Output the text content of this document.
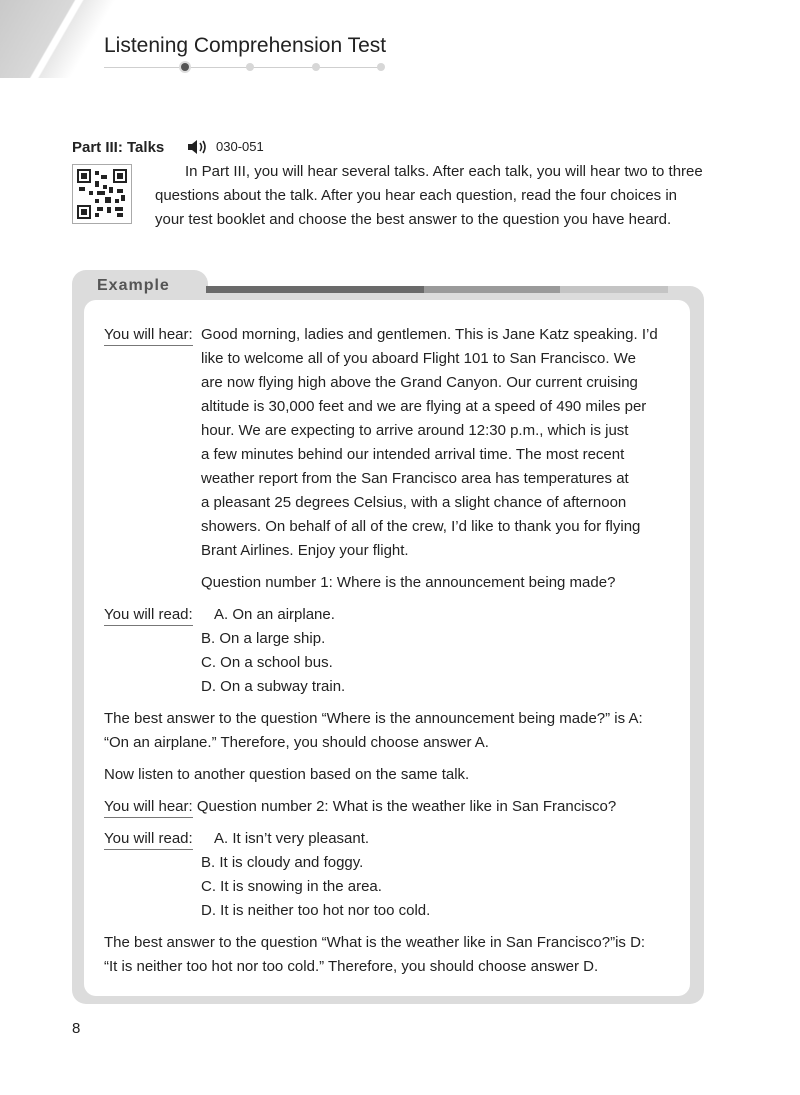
Listening Comprehension Test
Part III: Talks	030-051
In Part III, you will hear several talks. After each talk, you will hear two to three
questions about the talk. After you hear each question, read the four choices in
your test booklet and choose the best answer to the question you have heard.
Example
You will hear: Good morning, ladies and gentlemen. This is Jane Katz speaking. I’d
like to welcome all of you aboard Flight 101 to San Francisco. We
are now flying high above the Grand Canyon. Our current cruising
altitude is 30,000 feet and we are flying at a speed of 490 miles per
hour. We are expecting to arrive around 12:30 p.m., which is just
a few minutes behind our intended arrival time. The most recent
weather report from the San Francisco area has temperatures at
a pleasant 25 degrees Celsius, with a slight chance of afternoon
showers. On behalf of all of the crew, I’d like to thank you for flying
Brant Airlines. Enjoy your flight.
Question number 1: Where is the announcement being made?
You will read: A. On an airplane.
B. On a large ship.
C. On a school bus.
D. On a subway train.
The best answer to the question “Where is the announcement being made?” is A:
“On an airplane.” Therefore, you should choose answer A.
Now listen to another question based on the same talk.
You will hear: Question number 2: What is the weather like in San Francisco?
You will read: A. It isn’t very pleasant.
B. It is cloudy and foggy.
C. It is snowing in the area.
D. It is neither too hot nor too cold.
The best answer to the question “What is the weather like in San Francisco?”is D:
“It is neither too hot nor too cold.” Therefore, you should choose answer D.
8
